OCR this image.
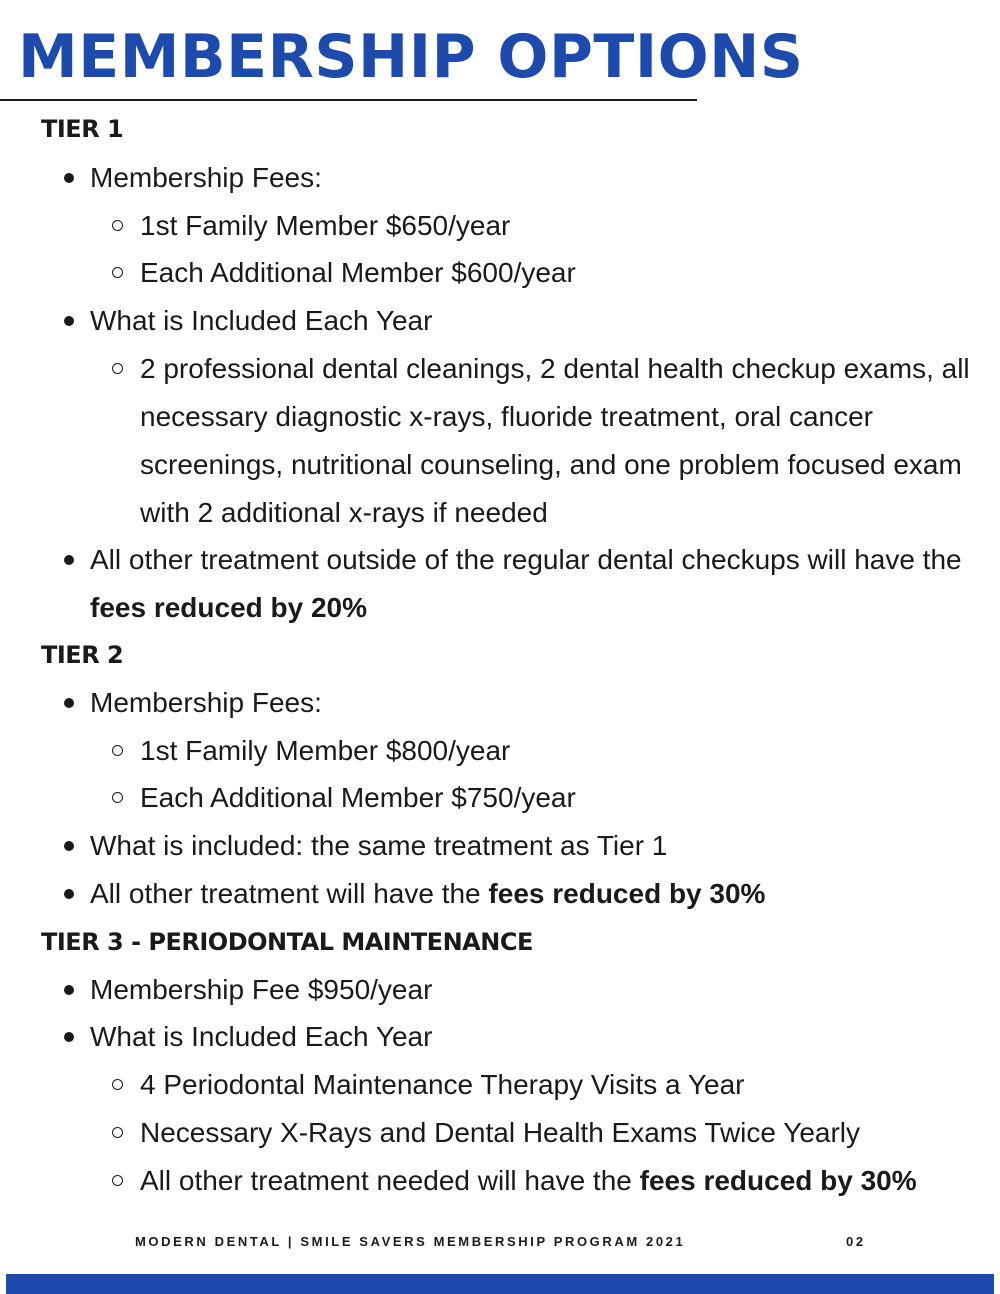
MEMBERSHIP OPTIONS
TIER 1
Membership Fees:
1st Family Member $650/year
Each Additional Member $600/year
What is Included Each Year
2 professional dental cleanings, 2 dental health checkup exams, all necessary diagnostic x-rays, fluoride treatment, oral cancer screenings, nutritional counseling, and one problem focused exam with 2 additional x-rays if needed
All other treatment outside of the regular dental checkups will have the fees reduced by 20%
TIER 2
Membership Fees:
1st Family Member $800/year
Each Additional Member $750/year
What is included: the same treatment as Tier 1
All other treatment will have the fees reduced by 30%
TIER 3 - PERIODONTAL MAINTENANCE
Membership Fee $950/year
What is Included Each Year
4 Periodontal Maintenance Therapy Visits a Year
Necessary X-Rays and Dental Health Exams Twice Yearly
All other treatment needed will have the fees reduced by 30%
MODERN DENTAL | SMILE SAVERS MEMBERSHIP PROGRAM 2021	02
